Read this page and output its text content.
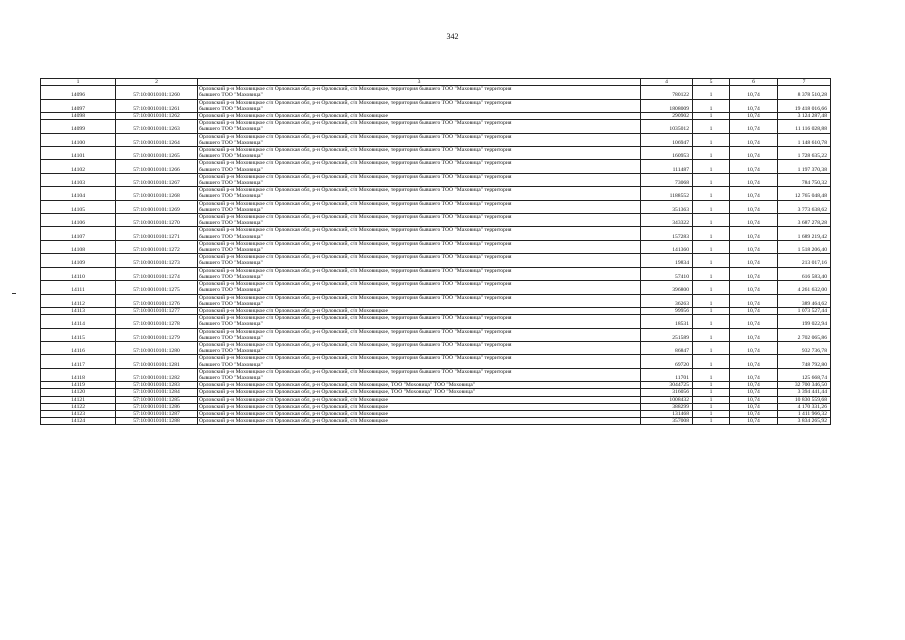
342
1	2	3	4	5	6	7
14096	57:10:0010101:1260	Орловский р-н Моховицкое с/п Орловская обл, р-н Орловский, с/п Моховицкое, территория бывшего ТОО "Маховица" территория
бывшего ТОО "Маховица"	780122	1	10,74	8 378 510,28
14097	57:10:0010101:1261	Орловский р-н Моховицкое с/п Орловская обл, р-н Орловский, с/п Моховицкое, территория бывшего ТОО "Маховица" территория
бывшего ТОО "Маховица"	1808009	1	10,74	19 418 016,66
14098	57:10:0010101:1262	Орловский р-н Моховицкое с/п Орловская обл, р-н Орловский, с/п Моховицкое	290902	1	10,74	3 124 287,48
14099	57:10:0010101:1263	Орловский р-н Моховицкое с/п Орловская обл, р-н Орловский, с/п Моховицкое, территория бывшего ТОО "Маховица" территория
бывшего ТОО "Маховица"	1035012	1	10,74	11 116 028,88
14100	57:10:0010101:1264	Орловский р-н Моховицкое с/п Орловская обл, р-н Орловский, с/п Моховицкое, территория бывшего ТОО "Маховица" территория
бывшего ТОО "Маховица"	106947	1	10,74	1 148 610,78
14101	57:10:0010101:1265	Орловский р-н Моховицкое с/п Орловская обл, р-н Орловский, с/п Моховицкое, территория бывшего ТОО "Маховица" территория
бывшего ТОО "Маховица"	160953	1	10,74	1 728 635,22
14102	57:10:0010101:1266	Орловский р-н Моховицкое с/п Орловская обл, р-н Орловский, с/п Моховицкое, территория бывшего ТОО "Маховица" территория
бывшего ТОО "Маховица"	111487	1	10,74	1 197 370,38
14103	57:10:0010101:1267	Орловский р-н Моховицкое с/п Орловская обл, р-н Орловский, с/п Моховицкое, территория бывшего ТОО "Маховица" территория
бывшего ТОО "Маховица"	73068	1	10,74	784 750,32
14104	57:10:0010101:1268	Орловский р-н Моховицкое с/п Орловская обл, р-н Орловский, с/п Моховицкое, территория бывшего ТОО "Маховица" территория
бывшего ТОО "Маховица"	1188552	1	10,74	12 765 048,48
14105	57:10:0010101:1269	Орловский р-н Моховицкое с/п Орловская обл, р-н Орловский, с/п Моховицкое, территория бывшего ТОО "Маховица" территория
бывшего ТОО "Маховица"	351363	1	10,74	3 773 638,62
14106	57:10:0010101:1270	Орловский р-н Моховицкое с/п Орловская обл, р-н Орловский, с/п Моховицкое, территория бывшего ТОО "Маховица" территория
бывшего ТОО "Маховица"	343322	1	10,74	3 687 278,28
14107	57:10:0010101:1271	Орловский р-н Моховицкое с/п Орловская обл, р-н Орловский, с/п Моховицкое, территория бывшего ТОО "Маховица" территория
бывшего ТОО "Маховица"	157283	1	10,74	1 689 219,42
14108	57:10:0010101:1272	Орловский р-н Моховицкое с/п Орловская обл, р-н Орловский, с/п Моховицкое, территория бывшего ТОО "Маховица" территория
бывшего ТОО "Маховица"	141360	1	10,74	1 518 206,40
14109	57:10:0010101:1273	Орловский р-н Моховицкое с/п Орловская обл, р-н Орловский, с/п Моховицкое, территория бывшего ТОО "Маховица" территория
бывшего ТОО "Маховица"	19834	1	10,74	213 017,16
14110	57:10:0010101:1274	Орловский р-н Моховицкое с/п Орловская обл, р-н Орловский, с/п Моховицкое, территория бывшего ТОО "Маховица" территория
бывшего ТОО "Маховица"	57410	1	10,74	616 583,40
14111	57:10:0010101:1275	Орловский р-н Моховицкое с/п Орловская обл, р-н Орловский, с/п Моховицкое, территория бывшего ТОО "Маховица" территория
бывшего ТОО "Маховица"	396800	1	10,74	4 261 632,00
14112	57:10:0010101:1276	Орловский р-н Моховицкое с/п Орловская обл, р-н Орловский, с/п Моховицкое, территория бывшего ТОО "Маховица" территория
бывшего ТОО "Маховица"	36263	1	10,74	389 464,62
14113	57:10:0010101:1277	Орловский р-н Моховицкое с/п Орловская обл, р-н Орловский, с/п Моховицкое	99956	1	10,74	1 073 527,44
14114	57:10:0010101:1278	Орловский р-н Моховицкое с/п Орловская обл, р-н Орловский, с/п Моховицкое, территория бывшего ТОО "Маховица" территория
бывшего ТОО "Маховица"	18531	1	10,74	199 022,94
14115	57:10:0010101:1279	Орловский р-н Моховицкое с/п Орловская обл, р-н Орловский, с/п Моховицкое, территория бывшего ТОО "Маховица" территория
бывшего ТОО "Маховица"	251589	1	10,74	2 702 065,86
14116	57:10:0010101:1280	Орловский р-н Моховицкое с/п Орловская обл, р-н Орловский, с/п Моховицкое, территория бывшего ТОО "Маховица" территория
бывшего ТОО "Маховица"	86847	1	10,74	932 736,78
14117	57:10:0010101:1281	Орловский р-н Моховицкое с/п Орловская обл, р-н Орловский, с/п Моховицкое, территория бывшего ТОО "Маховица" территория
бывшего ТОО "Маховица"	69720	1	10,74	748 792,80
14118	57:10:0010101:1282	Орловский р-н Моховицкое с/п Орловская обл, р-н Орловский, с/п Моховицкое, территория бывшего ТОО "Маховица" территория
бывшего ТОО "Маховица"	11701	1	10,74	125 668,74
14119	57:10:0010101:1283	Орловский р-н Моховицкое с/п Орловская обл, р-н Орловский, с/п Моховицкое, ТОО "Моховица" ТОО "Моховица"	3044725	1	10,74	32 700 346,50
14120	57:10:0010101:1284	Орловский р-н Моховицкое с/п Орловская обл, р-н Орловский, с/п Моховицкое, ТОО "Моховица" ТОО "Моховица"	316056	1	10,74	3 394 441,44
14121	57:10:0010101:1285	Орловский р-н Моховицкое с/п Орловская обл, р-н Орловский, с/п Моховицкое	1008432	1	10,74	10 830 559,68
14122	57:10:0010101:1286	Орловский р-н Моховицкое с/п Орловская обл, р-н Орловский, с/п Моховицкое	388299	1	10,74	4 170 331,26
14123	57:10:0010101:1287	Орловский р-н Моховицкое с/п Орловская обл, р-н Орловский, с/п Моховицкое	131468	1	10,74	1 411 966,32
14124	57:10:0010101:1288	Орловский р-н Моховицкое с/п Орловская обл, р-н Орловский, с/п Моховицкое	357008	1	10,74	3 834 265,92
